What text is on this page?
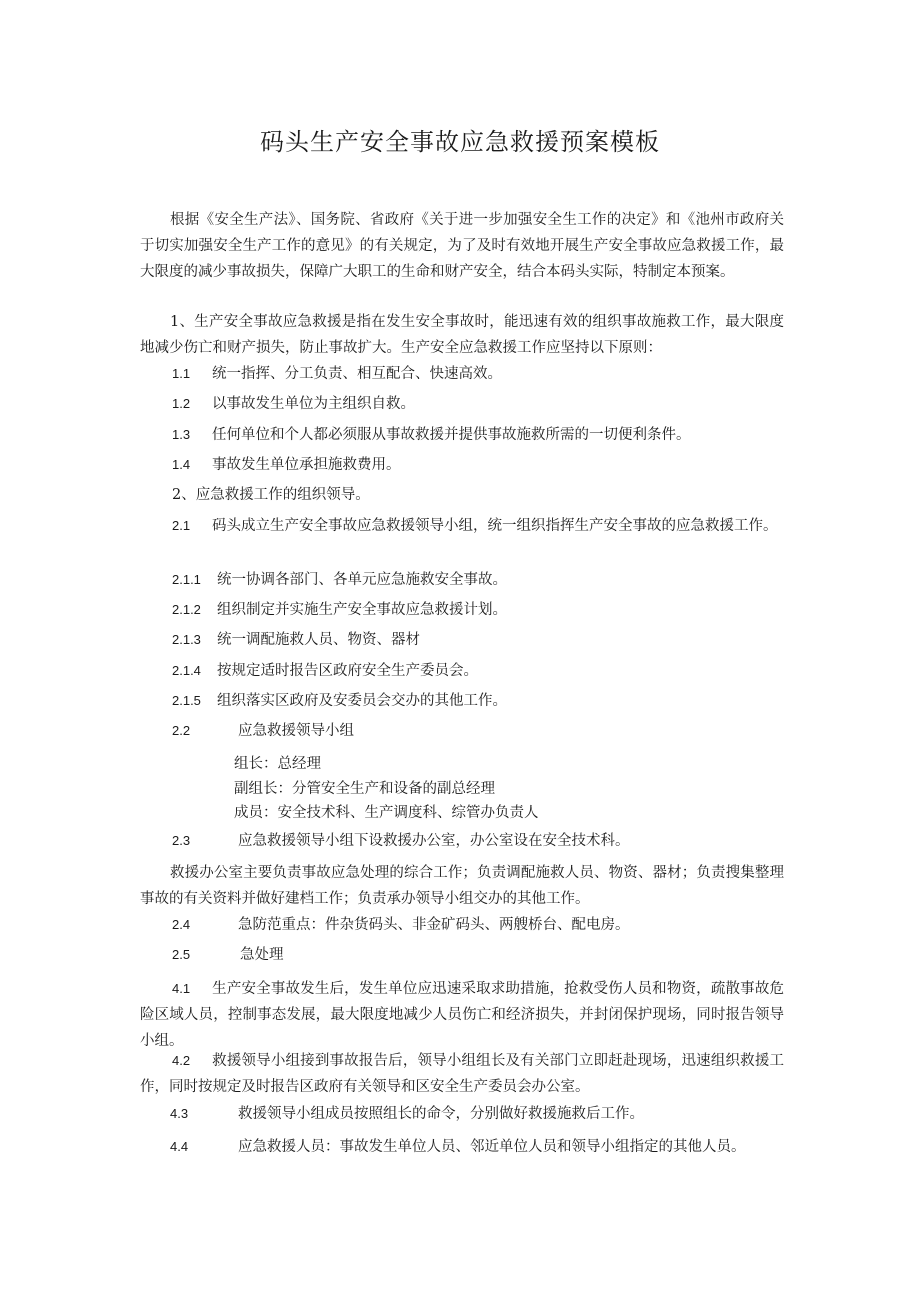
码头生产安全事故应急救援预案模板
根据《安全生产法》、国务院、省政府《关于进一步加强安全生工作的决定》和《池州市政府关于切实加强安全生产工作的意见》的有关规定，为了及时有效地开展生产安全事故应急救援工作，最大限度的减少事故损失，保障广大职工的生命和财产安全，结合本码头实际，特制定本预案。
1、生产安全事故应急救援是指在发生安全事故时，能迅速有效的组织事故施救工作，最大限度地减少伤亡和财产损失，防止事故扩大。生产安全应急救援工作应坚持以下原则：
1.1 统一指挥、分工负责、相互配合、快速高效。
1.2 以事故发生单位为主组织自救。
1.3 任何单位和个人都必须服从事故救援并提供事故施救所需的一切便利条件。
1.4 事故发生单位承担施救费用。
2、应急救援工作的组织领导。
2.1 码头成立生产安全事故应急救援领导小组，统一组织指挥生产安全事故的应急救援工作。
2.1.1 统一协调各部门、各单元应急施救安全事故。
2.1.2 组织制定并实施生产安全事故应急救援计划。
2.1.3 统一调配施救人员、物资、器材
2.1.4 按规定适时报告区政府安全生产委员会。
2.1.5 组织落实区政府及安委员会交办的其他工作。
2.2	应急救援领导小组
组长：总经理
副组长：分管安全生产和设备的副总经理
成员：安全技术科、生产调度科、综管办负责人
2.3	应急救援领导小组下设救援办公室，办公室设在安全技术科。
救援办公室主要负责事故应急处理的综合工作；负责调配施救人员、物资、器材；负责搜集整理事故的有关资料并做好建档工作；负责承办领导小组交办的其他工作。
2.4	急防范重点：件杂货码头、非金矿码头、两艘桥台、配电房。
2.5	急处理
4.1 生产安全事故发生后，发生单位应迅速采取求助措施，抢救受伤人员和物资，疏散事故危险区域人员，控制事态发展，最大限度地减少人员伤亡和经济损失，并封闭保护现场，同时报告领导小组。
4.2 救援领导小组接到事故报告后，领导小组组长及有关部门立即赶赴现场，迅速组织救援工作，同时按规定及时报告区政府有关领导和区安全生产委员会办公室。
4.3	救援领导小组成员按照组长的命令，分别做好救援施救后工作。
4.4	应急救援人员：事故发生单位人员、邻近单位人员和领导小组指定的其他人员。
